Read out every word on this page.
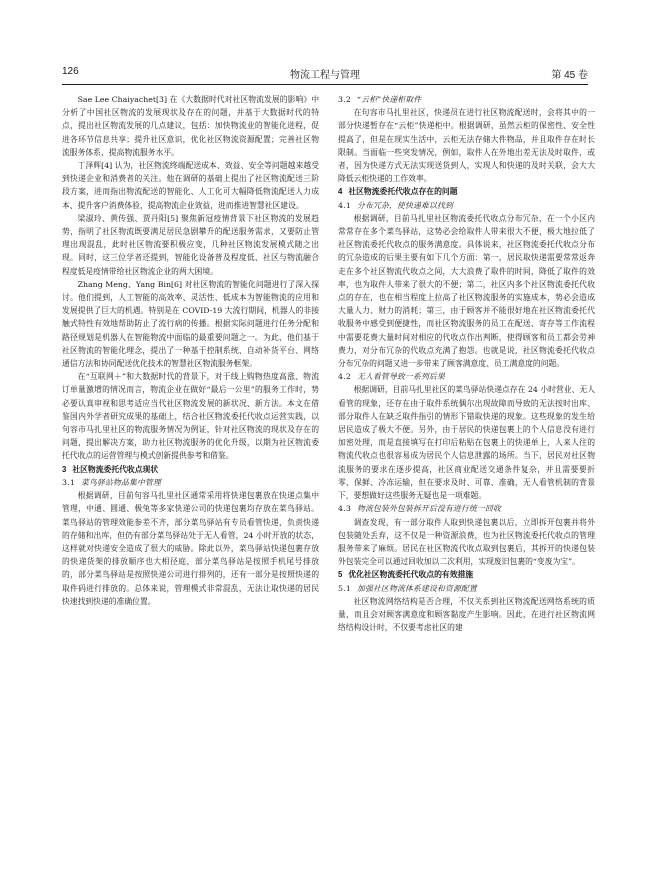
126	物流工程与管理	第 45 卷

Sae Lee Chaiyachet[3] 在《大数据时代对社区物流发展的影响》中分析了中国社区物流的发展现状及存在的问题，并基于大数据时代的特点，提出社区物流发展的几点建议，包括：加快物流业的智能化进程，促进各环节信息共享；提升社区意识，优化社区物流资源配置；完善社区物流服务体系，提高物流服务水平。

丁泽辉[4] 认为，社区物流终端配送成本、效益、安全等问题越来越受到快递企业和消费者的关注。他在调研的基础上提出了社区物流配送三阶段方案，进而指出物流配送的智能化、人工化可大幅降低物流配送人力成本、提升客户消费体验，提高物流企业效益，进而推进智慧社区建设。

梁淑玲、黄传强、贾丹阳[5] 聚焦新冠疫情背景下社区物流的发展趋势，指明了社区物流既要满足居民急剧攀升的配送服务需求，又要防止管理出现混乱，此时社区物流要积极应变，几种社区物流发展模式随之出现。同时，这三位学者还提到，智能化设备普及程度低、社区与物流融合程度低是疫情带给社区物流企业的两大困境。

Zhang Meng、Yang Bin[6] 对社区物流的智能化问题进行了深入探讨。他们提到，人工智能的高效率、灵活性、低成本为智能物流的应用和发展提供了巨大的机遇。特别是在 COVID-19 大流行期间，机器人的非接触式特性有效地帮助防止了流行病的传播。根据实际问题进行任务分配和路径规划是机器人在智能物流中面临的最重要问题之一。为此，他们基于社区物流的智能化理念，提出了一种基于控制系统、自动补货平台、网络通信方法和协同配送优化技术的智慧社区物流服务框架。

在“互联网＋”和大数据时代的背景下，对于线上购物热度高涨、物流订单量激增的情况而言，物流企业在做好“最后一公里”的服务工作时，势必要认真审视和思考适应当代社区物流发展的新状况、新方法。本文在借鉴国内外学者研究成果的基础上，结合社区物流委托代收点运营实践，以句容市马扎里社区的物流服务情况为例证，针对社区物流的现状及存在的问题，提出解决方案，助力社区物流服务的优化升级，以期为社区物流委托代收点的运营管理与模式创新提供参考和借鉴。

3 社区物流委托代收点现状

3.1 菜鸟驿站物品集中管理

根据调研，目前句容马扎里社区通常采用将快递包裹放在快递点集中管理，中通、圆通、极兔等多家快递公司的快递包裹均存放在菜鸟驿站。菜鸟驿站的管理效能参差不齐，部分菜鸟驿站有专员看管快递，负责快递的存储和出库，但仍有部分菜鸟驿站处于无人看管，24 小时开放的状态，这样就对快递安全造成了很大的威胁。除此以外，菜鸟驿站快递包裹存放的快递货架的排放顺序也大相径庭，部分菜鸟驿站是按照手机尾号排放的，部分菜鸟驿站是按照快递公司进行排列的，还有一部分是按照快递的取件码进行排放的。总体来说，管理模式非常混乱，无法让取快递的居民快速找到快递的准确位置。

3.2 “云柜”快递柜取件

在句容市马扎里社区，快递员在进行社区物流配送时，会将其中的一部分快递暂存在“云柜”快递柜中。根据调研，虽然云柜的保密性、安全性提高了，但是在现实生活中，云柜无法存储大件物品，并且取件存在时长限制。当面临一些突发情况，例如，取件人在外地出差无法及时取件，或者，因为快递方式无法实现送货到人，实现人和快递的及时关联，会大大降低云柜快递的工作效率。

4 社区物流委托代收点存在的问题

4.1 分布冗杂，使快递难以找到

根据调研，目前马扎里社区物流委托代收点分布冗杂，在一个小区内常常存在多个菜鸟驿站，这势必会给取件人带来很大不便，极大地拉低了社区物流委托代收点的服务满意度。具体说来，社区物流委托代收点分布的冗杂造成的后果主要有如下几个方面：第一，居民取快递需要常常返奔走在多个社区物流代收点之间，大大浪费了取件的时间，降低了取件的效率，也为取件人带来了很大的不便；第二，社区内多个社区物流委托代收点的存在，也在相当程度上拉高了社区物流服务的实施成本，势必会造成大量人力、财力的消耗；第三，由于顾客并不能很好地在社区物流委托代收服务中感受到便捷性，而社区物流服务的员工在配送、寄存等工作流程中需要花费大量时间对相应的代收点作出判断，使得顾客和员工都会劳神费力，对分布冗杂的代收点充满了抱怨。也就是说，社区物流委托代收点分布冗杂的问题又进一步带来了顾客满意度、员工满意度的问题。

4.2 无人看管导致一系列后果

根据调研，目前马扎里社区的菜鸟驿站快递点存在 24 小时营业、无人看管的现象，还存在由于取件系统偶尔出现故障而导致的无法按时出库、部分取件人在缺乏取件指引的情形下错取快递的现象。这些现象的发生给居民造成了极大不便。另外，由于居民的快递包裹上的个人信息没有进行加密处理，而是直接填写在打印后粘贴在包裹上的快递单上，人来人往的物流代收点也很容易成为居民个人信息泄露的场所。当下，居民对社区物流服务的要求在逐步提高，社区商业配送交通条件复杂，并且需要要折零、保鲜、冷冻运输，但在要求及时、可靠、准确，无人看管机制的背景下，要想做好这些服务无疑也是一项难题。

4.3 物流包装外包装拆开后没有进行统一回收

调查发现，有一部分取件人取到快递包裹以后，立即拆开包裹并将外包装随处丢弃，这不仅是一种资源浪费，也为社区物流委托代收点的管理服务带来了麻烦。居民在社区物流代收点取到包裹后，其拆开的快递包装外包装完全可以通过回收加以二次利用，实现废旧包裹的“变废为宝”。

5 优化社区物流委托代收点的有效措施

5.1 加强社区物流体系建设和资源配置

社区物流网络结构是否合理，不仅关系到社区物流配送网络系统的质量，而且会对顾客满意度和顾客黏度产生影响。因此，在进行社区物流网络结构设计时，不仅要考虑社区的建
